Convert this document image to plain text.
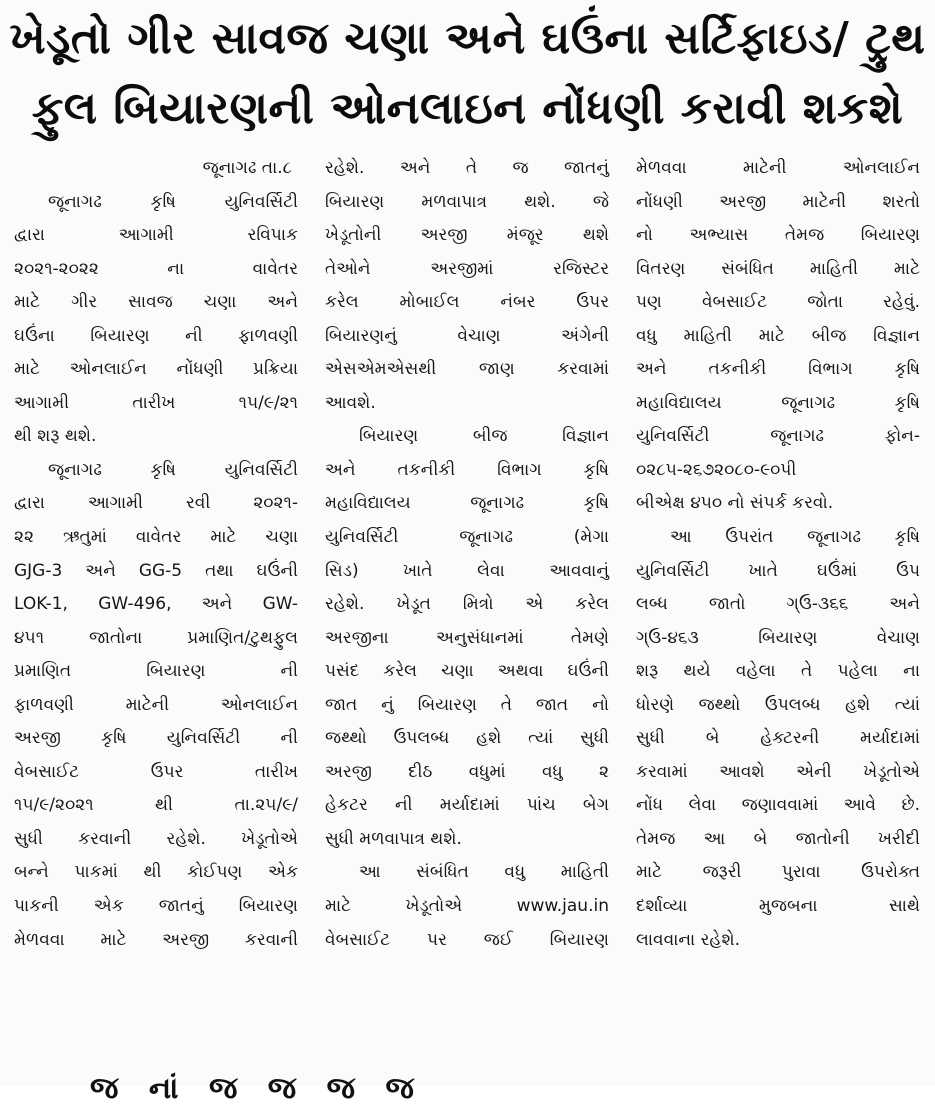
ખેડૂતો ગીર સાવજ ચણા અને ઘઉંના સર્ટિફાઇડ/ ટ્રુથ
ફુલ બિયારણની ઓનલાઇન નોંધણી કરાવી શકશે
જૂનાગઢ તા.૮
જૂનાગઢ કૃષિ યુનિવર્સિટી
દ્વારા આગામી રવિપાક
૨૦૨૧-૨૦૨૨ ના વાવેતર
માટે ગીર સાવજ ચણા અને
ઘઉંના બિયારણ ની ફાળવણી
માટે ઓનલાઈન નોંધણી પ્રક્રિયા
આગામી તારીખ ૧૫/૯/૨૧
થી શરૂ થશે.
જૂનાગઢ કૃષિ યુનિવર્સિટી
દ્વારા આગામી રવી ૨૦૨૧-
૨૨ ઋતુમાં વાવેતર માટે ચણા
GJG-3 અને GG-5 તથા ઘઉંની
LOK-1, GW-496, અને GW-
૪૫૧ જાતોના પ્રમાણિત/ટુથફુલ
પ્રમાણિત બિયારણ ની
ફાળવણી માટેની ઓનલાઈન
અરજી કૃષિ યુનિવર્સિટી ની
વેબસાઈટ ઉપર તારીખ
૧૫/૯/૨૦૨૧ થી તા.૨૫/૯/
સુધી કરવાની રહેશે. ખેડૂતોએ
બન્ને પાકમાં થી કોઈપણ એક
પાકની એક જાતનું બિયારણ
મેળવવા માટે અરજી કરવાની
રહેશે. અને તે જ જાતનું
બિયારણ મળવાપાત્ર થશે. જે
ખેડૂતોની અરજી મંજૂર થશે
તેઓને અરજીમાં રજિસ્ટર
કરેલ મોબાઈલ નંબર ઉપર
બિયારણનું વેચાણ અંગેની
એસએમએસથી જાણ કરવામાં
આવશે.
બિયારણ બીજ વિજ્ઞાન
અને તકનીકી વિભાગ કૃષિ
મહાવિદ્યાલય જૂનાગઢ કૃષિ
યુનિવર્સિટી જૂનાગઢ (મેગા
સિડ) ખાતે લેવા આવવાનું
રહેશે. ખેડૂત મિત્રો એ કરેલ
અરજીના અનુસંધાનમાં તેમણે
પસંદ કરેલ ચણા અથવા ઘઉંની
જાત નું બિયારણ તે જાત નો
જથ્થો ઉપલબ્ધ હશે ત્યાં સુધી
અરજી દીઠ વધુમાં વધુ ૨
હેકટર ની મર્યાદામાં પાંચ બેગ
સુધી મળવાપાત્ર થશે.
આ સંબંધિત વધુ માહિતી
માટે ખેડૂતોએ www.jau.in
વેબસાઈટ પર જઈ બિયારણ
મેળવવા માટેની ઓનલાઈન
નોંધણી અરજી માટેની શરતો
નો અભ્યાસ તેમજ બિયારણ
વિતરણ સંબંધિત માહિતી માટે
પણ વેબસાઈટ જોતા રહેવું.
વધુ માહિતી માટે બીજ વિજ્ઞાન
અને તકનીકી વિભાગ કૃષિ
મહાવિદ્યાલય જૂનાગઢ કૃષિ
યુનિવર્સિટી જૂનાગઢ ફોન-
૦૨૮૫-૨૬૭૨૦૮૦-૯૦પી
બીએક્ષ ૪૫૦ નો સંપર્ક કરવો.
આ ઉપરાંત જૂનાગઢ કૃષિ
યુનિવર્સિટી ખાતે ઘઉંમાં ઉપ
લબ્ધ જાતો ગ્ઉ-૩૬૬ અને
ગ્ઉ-૪૬૩ બિયારણ વેચાણ
શરૂ થયે વહેલા તે પહેલા ના
ધોરણે જથ્થો ઉપલબ્ધ હશે ત્યાં
સુધી બે હેક્ટરની મર્યાદામાં
કરવામાં આવશે એની ખેડૂતોએ
નોંધ લેવા જણાવવામાં આવે છે.
તેમજ આ બે જાતોની ખરીદી
માટે જરૂરી પુરાવા ઉપરોક્ત
દર્શાવ્યા મુજબના સાથે
લાવવાના રહેશે.
જ નાં જ જ જ જ
